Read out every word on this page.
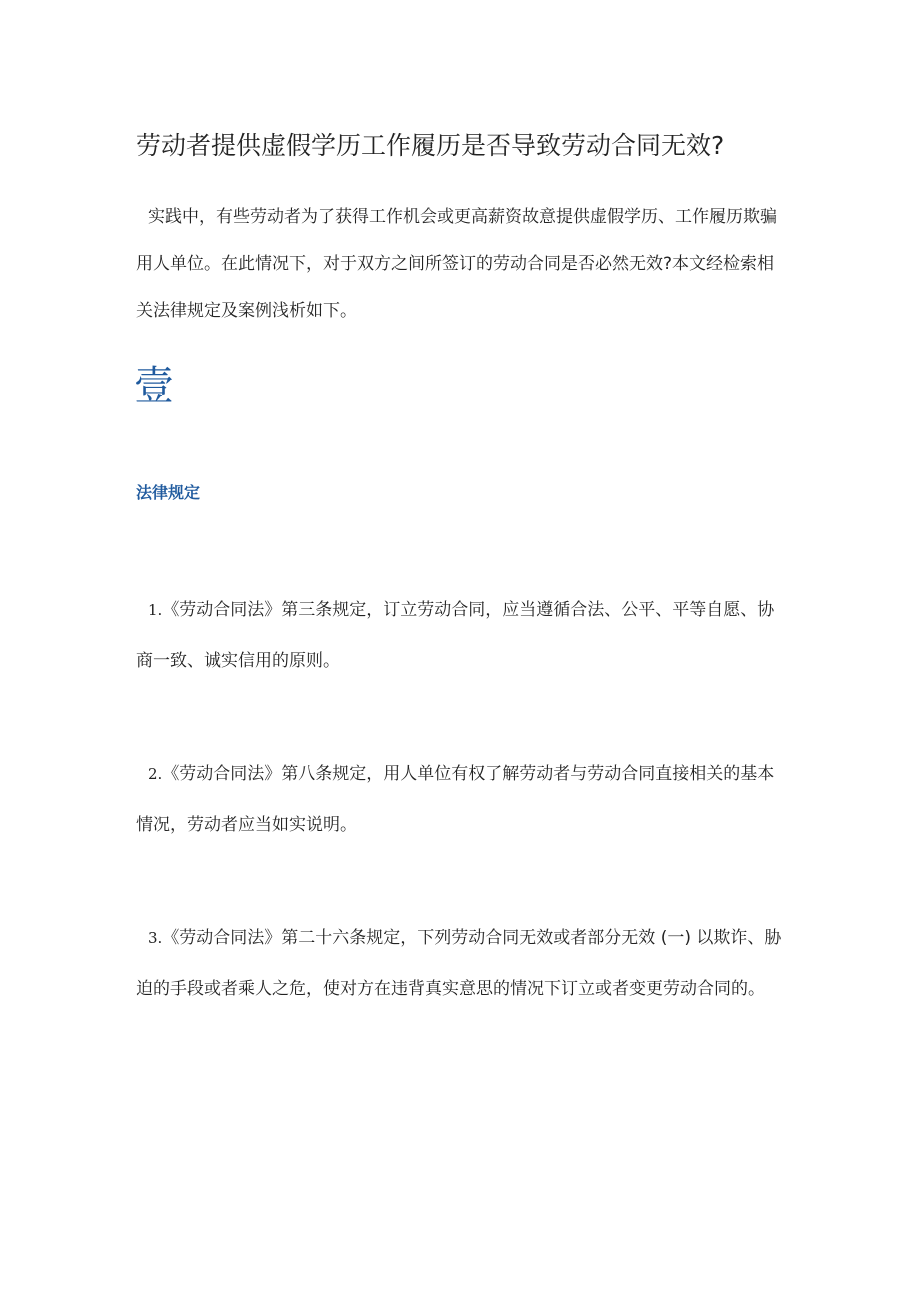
劳动者提供虚假学历工作履历是否导致劳动合同无效?

实践中，有些劳动者为了获得工作机会或更高薪资故意提供虚假学历、工作履历欺骗用人单位。在此情况下，对于双方之间所签订的劳动合同是否必然无效?本文经检索相关法律规定及案例浅析如下。

壹
法律规定

1.《劳动合同法》第三条规定，订立劳动合同，应当遵循合法、公平、平等自愿、协商一致、诚实信用的原则。

2.《劳动合同法》第八条规定，用人单位有权了解劳动者与劳动合同直接相关的基本情况，劳动者应当如实说明。

3.《劳动合同法》第二十六条规定，下列劳动合同无效或者部分无效 (一) 以欺诈、胁迫的手段或者乘人之危，使对方在违背真实意思的情况下订立或者变更劳动合同的。
